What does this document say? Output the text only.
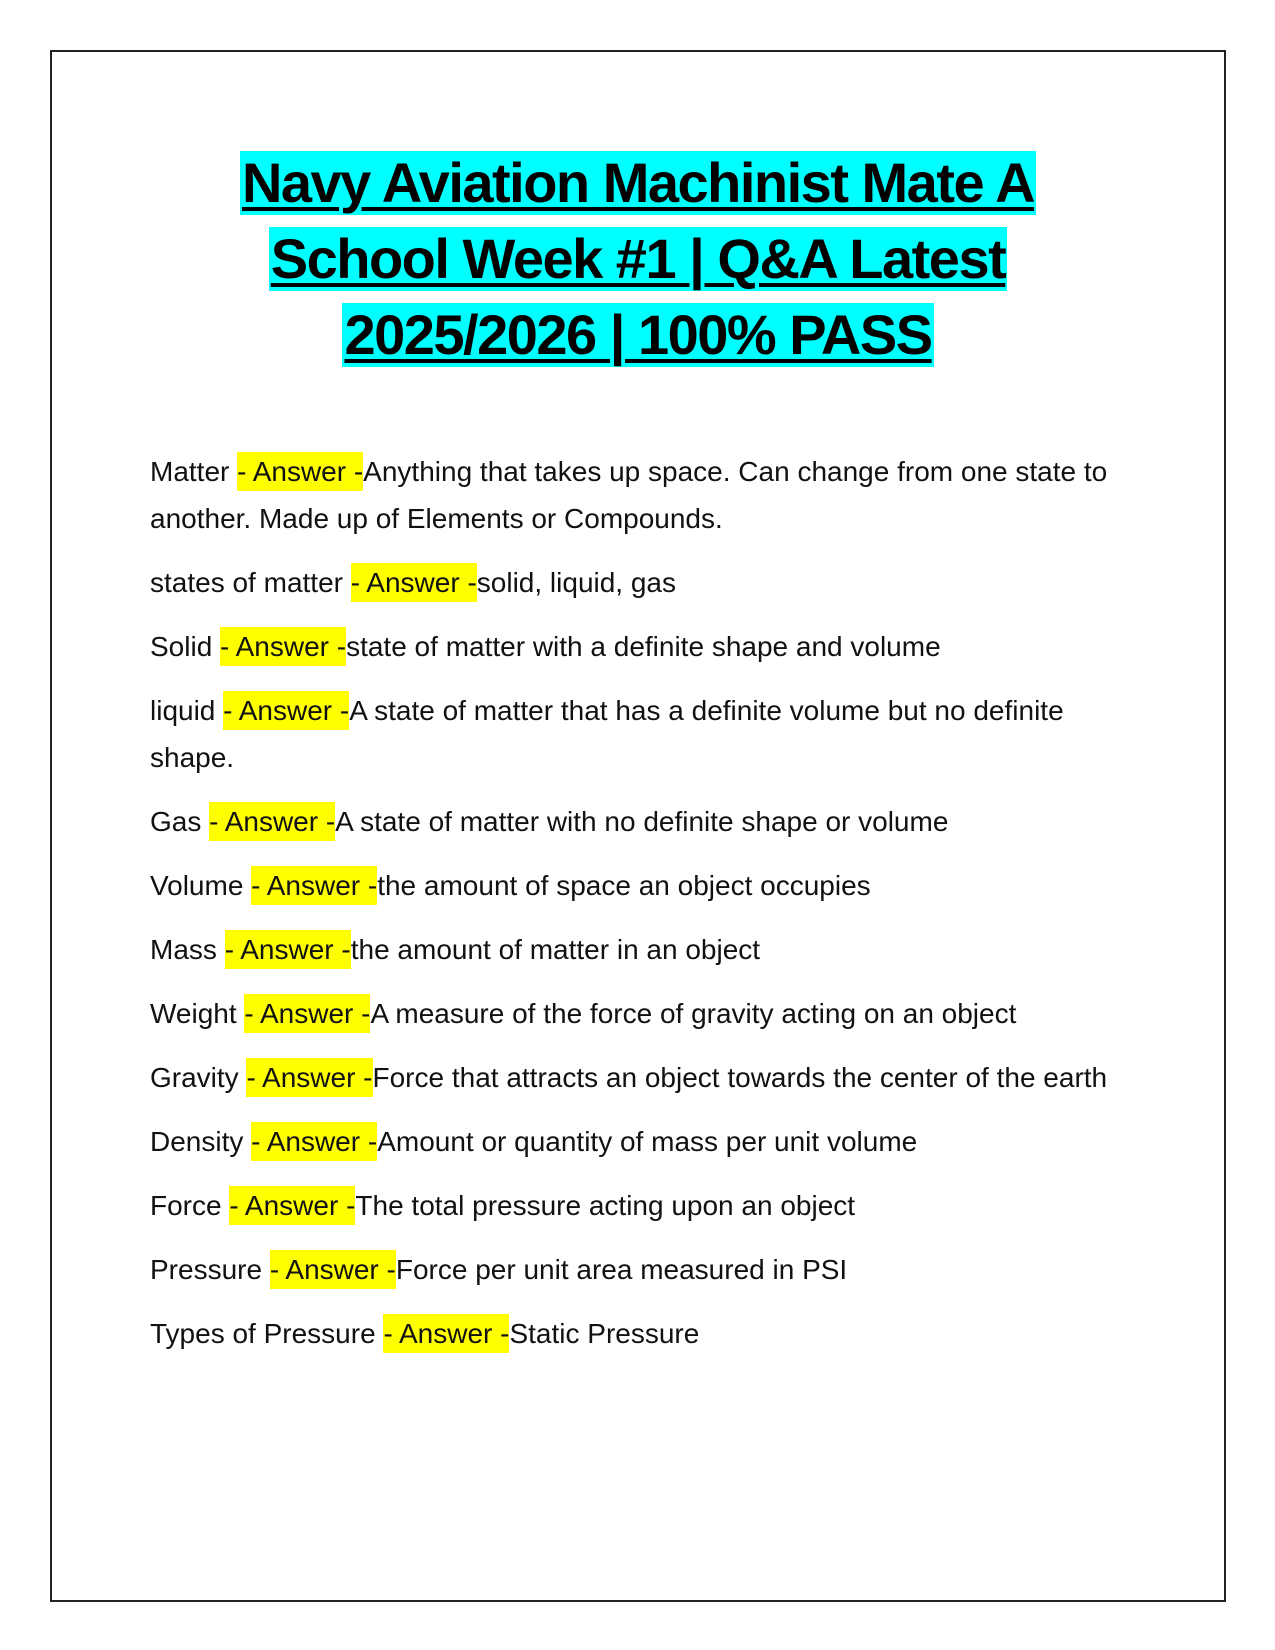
Navy Aviation Machinist Mate A
School Week #1 | Q&A Latest
2025/2026 | 100% PASS

Matter - Answer -Anything that takes up space. Can change from one state to another. Made up of Elements or Compounds.

states of matter - Answer -solid, liquid, gas

Solid - Answer -state of matter with a definite shape and volume

liquid - Answer -A state of matter that has a definite volume but no definite shape.

Gas - Answer -A state of matter with no definite shape or volume

Volume - Answer -the amount of space an object occupies

Mass - Answer -the amount of matter in an object

Weight - Answer -A measure of the force of gravity acting on an object

Gravity - Answer -Force that attracts an object towards the center of the earth

Density - Answer -Amount or quantity of mass per unit volume

Force - Answer -The total pressure acting upon an object

Pressure - Answer -Force per unit area measured in PSI

Types of Pressure - Answer -Static Pressure
